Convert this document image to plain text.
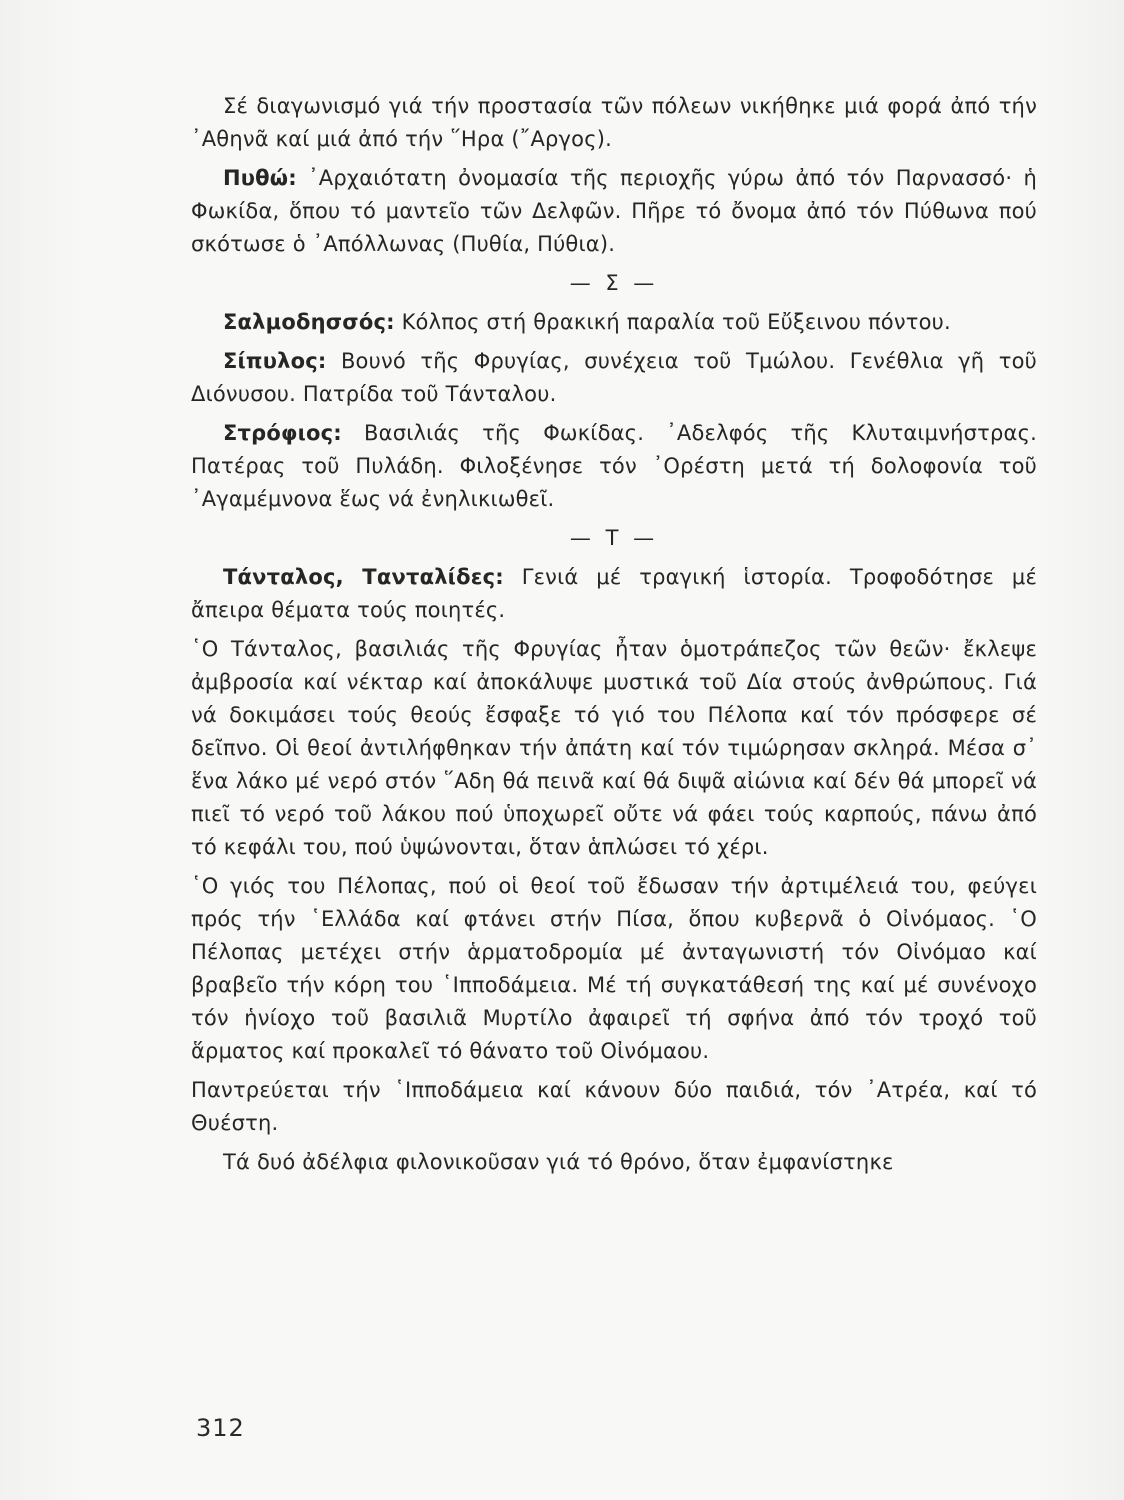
Σέ διαγωνισμό γιά τήν προστασία τῶν πόλεων νικήθηκε μιά φορά ἀπό τήν ᾿Αθηνᾶ καί μιά ἀπό τήν ῞Ηρα (῎Αργος).

Πυθώ: ᾿Αρχαιότατη ὀνομασία τῆς περιοχῆς γύρω ἀπό τόν Παρνασσό· ἡ Φωκίδα, ὅπου τό μαντεῖο τῶν Δελφῶν. Πῆρε τό ὄνομα ἀπό τόν Πύθωνα πού σκότωσε ὁ ᾿Απόλλωνας (Πυθία, Πύθια).

— Σ —

Σαλμοδησσός: Κόλπος στή θρακική παραλία τοῦ Εὔξεινου πόντου.

Σίπυλος: Βουνό τῆς Φρυγίας, συνέχεια τοῦ Τμώλου. Γενέθλια γῆ τοῦ Διόνυσου. Πατρίδα τοῦ Τάνταλου.

Στρόφιος: Βασιλιάς τῆς Φωκίδας. ᾿Αδελφός τῆς Κλυταιμνήστρας. Πατέρας τοῦ Πυλάδη. Φιλοξένησε τόν ᾿Ορέστη μετά τή δολοφονία τοῦ ᾿Αγαμέμνονα ἕως νά ἐνηλικιωθεῖ.

— Τ —

Τάνταλος, Τανταλίδες: Γενιά μέ τραγική ἱστορία. Τροφοδότησε μέ ἄπειρα θέματα τούς ποιητές.

῾Ο Τάνταλος, βασιλιάς τῆς Φρυγίας ἦταν ὁμοτράπεζος τῶν θεῶν· ἔκλεψε ἀμβροσία καί νέκταρ καί ἀποκάλυψε μυστικά τοῦ Δία στούς ἀνθρώπους. Γιά νά δοκιμάσει τούς θεούς ἔσφαξε τό γιό του Πέλοπα καί τόν πρόσφερε σέ δεῖπνο. Οἱ θεοί ἀντιλήφθηκαν τήν ἀπάτη καί τόν τιμώρησαν σκληρά. Μέσα σ᾿ ἕνα λάκο μέ νερό στόν ῞Αδη θά πεινᾶ καί θά διψᾶ αἰώνια καί δέν θά μπορεῖ νά πιεῖ τό νερό τοῦ λάκου πού ὑποχωρεῖ οὔτε νά φάει τούς καρπούς, πάνω ἀπό τό κεφάλι του, πού ὑψώνονται, ὅταν ἁπλώσει τό χέρι.

῾Ο γιός του Πέλοπας, πού οἱ θεοί τοῦ ἔδωσαν τήν ἀρτιμέλειά του, φεύγει πρός τήν ῾Ελλάδα καί φτάνει στήν Πίσα, ὅπου κυβερνᾶ ὁ Οἰνόμαος. ῾Ο Πέλοπας μετέχει στήν ἁρματοδρομία μέ ἀνταγωνιστή τόν Οἰνόμαο καί βραβεῖο τήν κόρη του ῾Ιπποδάμεια. Μέ τή συγκατάθεσή της καί μέ συνένοχο τόν ἡνίοχο τοῦ βασιλιᾶ Μυρτίλο ἀφαιρεῖ τή σφήνα ἀπό τόν τροχό τοῦ ἅρματος καί προκαλεῖ τό θάνατο τοῦ Οἰνόμαου.

Παντρεύεται τήν ῾Ιπποδάμεια καί κάνουν δύο παιδιά, τόν ᾿Ατρέα, καί τό Θυέστη.

Τά δυό ἀδέλφια φιλονικοῦσαν γιά τό θρόνο, ὅταν ἐμφανίστηκε

312
